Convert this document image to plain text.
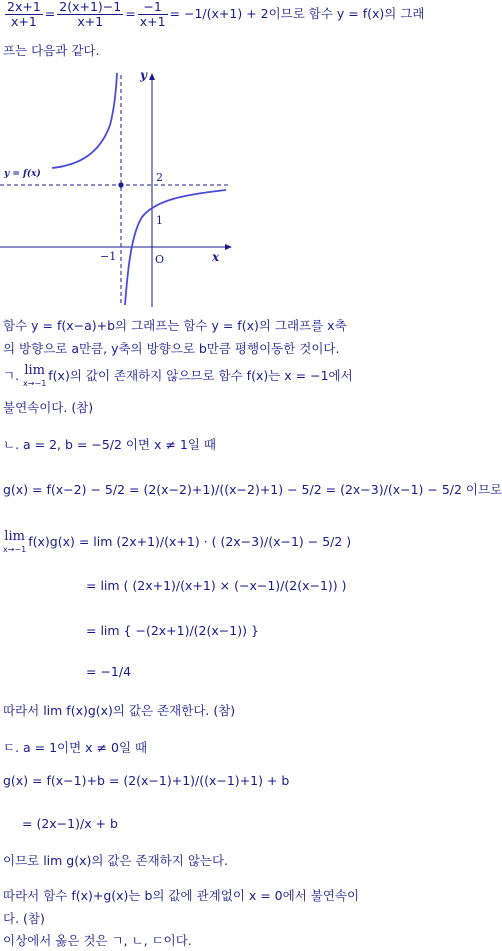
$\frac{2x+1}{x+1} = \frac{2(x+1)-1}{x+1} = \frac{-1}{x+1} = -1/(x+1) + 2$이므로 함수 y = f(x)의 그래
프는 다음과 같다.
y
x
O
−1
2
1
y = f(x)
함수 y = f(x−a)+b의 그래프는 함수 y = f(x)의 그래프를 x축
의 방향으로 a만큼, y축의 방향으로 b만큼 평행이동한 것이다.
ㄱ. lim
x→−1f(x)의 값이 존재하지 않으므로 함수 f(x)는 x = −1에서
불연속이다. (참)
ㄴ. a = 2, b = −5/2 이면 x ≠ 1일 때
g(x) = f(x−2) − 5/2 = (2(x−2)+1)/((x−2)+1) − 5/2 = (2x−3)/(x−1) − 5/2 이므로
lim
x→−1f(x)g(x) = lim (2x+1)/(x+1) · ( (2x−3)/(x−1) − 5/2 )
= lim ( (2x+1)/(x+1) × (−x−1)/(2(x−1)) )
= lim { −(2x+1)/(2(x−1)) }
= −1/4
따라서 lim f(x)g(x)의 값은 존재한다. (참)
ㄷ. a = 1이면 x ≠ 0일 때
g(x) = f(x−1)+b = (2(x−1)+1)/((x−1)+1) + b
= (2x−1)/x + b
이므로 lim g(x)의 값은 존재하지 않는다.
따라서 함수 f(x)+g(x)는 b의 값에 관계없이 x = 0에서 불연속이
다. (참)
이상에서 옳은 것은 ㄱ, ㄴ, ㄷ이다.
